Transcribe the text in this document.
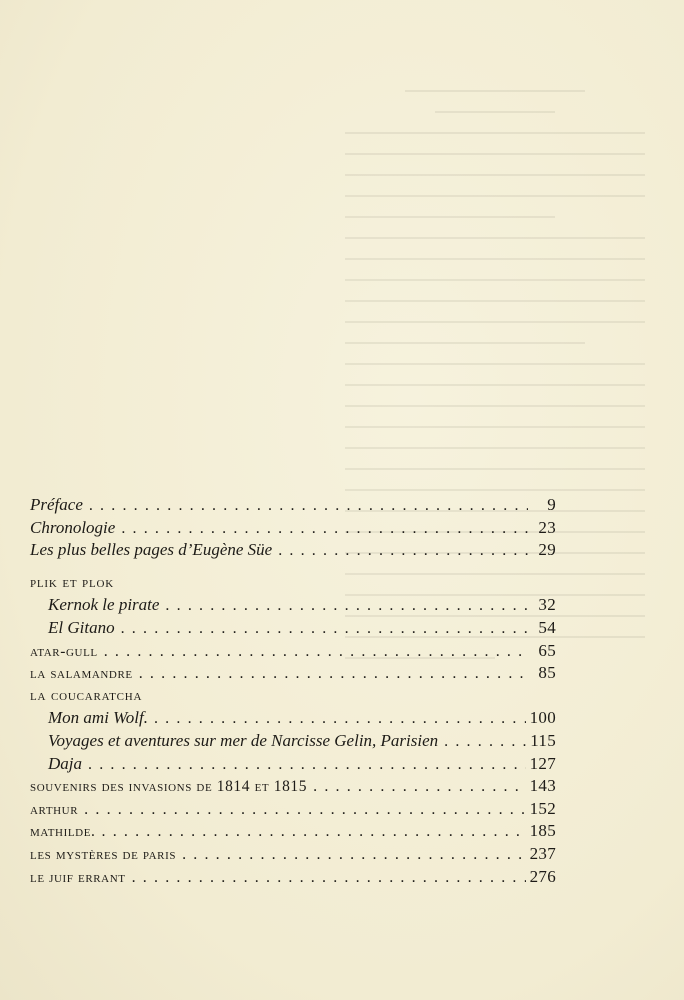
Préface . . .	9
Chronologie . . .	23
Les plus belles pages d’Eugène Süe . . .	29
plik et plok
Kernok le pirate . . .	32
El Gitano . . .	54
atar-gull . . .	65
la salamandre . . .	85
la coucaratcha
Mon ami Wolf. . . .	100
Voyages et aventures sur mer de Narcisse Gelin, Parisien . . .	115
Daja . . .	127
souvenirs des invasions de 1814 et 1815 . . .	143
arthur . . .	152
mathilde. . . .	185
les mystères de paris . . .	237
le juif errant . . .	276
